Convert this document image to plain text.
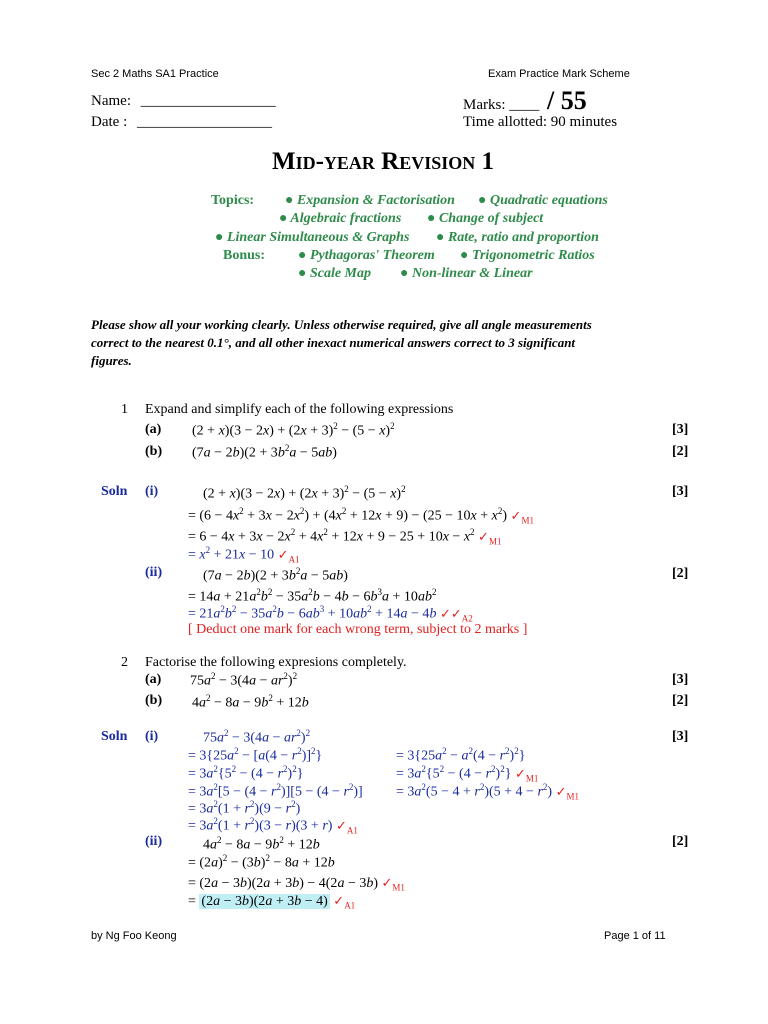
Sec 2 Maths SA1 Practice	Exam Practice Mark Scheme
Name: __________________
Date : __________________
Marks: ____ / 55
Time allotted: 90 minutes
Mid-year Revision 1
Topics: ● Expansion & Factorisation ● Quadratic equations
● Algebraic fractions ● Change of subject
● Linear Simultaneous & Graphs ● Rate, ratio and proportion
Bonus: ● Pythagoras' Theorem ● Trigonometric Ratios
● Scale Map ● Non-linear & Linear
Please show all your working clearly. Unless otherwise required, give all angle measurements
correct to the nearest 0.1°, and all other inexact numerical answers correct to 3 significant
figures.
1 Expand and simplify each of the following expressions
(a) $(2 + x)(3 - 2x) + (2x + 3)^2 - (5 - x)^2$	[3]
(b) $(7a - 2b)(2 + 3b^2a - 5ab)$	[2]
Soln (i)	$(2 + x)(3 - 2x) + (2x + 3)^2 - (5 - x)^2$	[3]
= $(6 - 4x^2 + 3x - 2x^2) + (4x^2 + 12x + 9) - (25 - 10x + x^2)$ $✓_{M1}$
= $6 - 4x + 3x - 2x^2 + 4x^2 + 12x + 9 - 25 + 10x - x^2$ $✓_{M1}$
= $x^2 + 21x - 10$ $✓_{A1}$
(ii)	$(7a - 2b)(2 + 3b^2a - 5ab)$	[2]
= $14a + 21a^2b^2 - 35a^2b - 4b - 6b^3a + 10ab^2$
= $21a^2b^2 - 35a^2b - 6ab^3 + 10ab^2 + 14a - 4b$ $✓✓_{A2}$
[ Deduct one mark for each wrong term, subject to 2 marks ]
2 Factorise the following expresions completely.
(a) $75a^2 - 3(4a - ar^2)^2$	[3]
(b) $4a^2 - 8a - 9b^2 + 12b$	[2]
Soln (i)	$75a^2 - 3(4a - ar^2)^2$	[3]
= $3\{25a^2 - [a(4 - r^2)]^2\}$	= $3\{25a^2 - a^2(4 - r^2)^2\}$
= $3a^2\{5^2 - (4 - r^2)^2\}$	= $3a^2\{5^2 - (4 - r^2)^2\}$ $✓_{M1}$
= $3a^2[5 - (4 - r^2)][5 - (4 - r^2)] = 3a^2(5 - 4 + r^2)(5 + 4 - r^2)$ $✓_{M1}$
= $3a^2(1 + r^2)(9 - r^2)$
= $3a^2(1 + r^2)(3 - r)(3 + r)$ $✓_{A1}$
(ii)	$4a^2 - 8a - 9b^2 + 12b$	[2]
= $(2a)^2 - (3b)^2 - 8a + 12b$
= (2a − 3b)(2a + 3b) − 4(2a − 3b) $✓_{M1}$
= (2a − 3b)(2a + 3b − 4) $✓_{A1}$
by Ng Foo Keong	Page 1 of 11
